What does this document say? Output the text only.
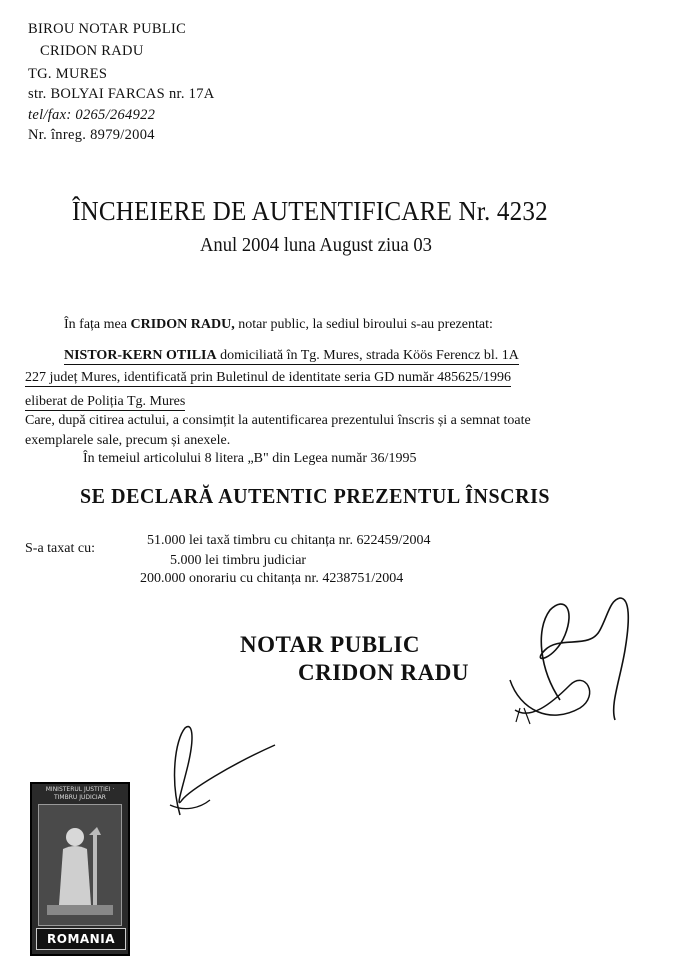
BIROU NOTAR PUBLIC
CRIDON RADU
TG. MURES
str. BOLYAI FARCAS nr. 17A
tel/fax: 0265/264922
Nr. înreg. 8979/2004
ÎNCHEIERE DE AUTENTIFICARE Nr. 4232
Anul 2004 luna August ziua 03
În fața mea CRIDON RADU, notar public, la sediul biroului s-au prezentat:
NISTOR-KERN OTILIA domiciliată în Tg. Mures, strada Köös Ferencz bl. 1A
227 județ Mures, identificată prin Buletinul de identitate seria GD număr 485625/1996
eliberat de Poliția Tg. Mures
Care, după citirea actului, a consimțit la autentificarea prezentului înscris și a semnat toate
exemplarele sale, precum și anexele.
În temeiul articolului 8 litera „B" din Legea număr 36/1995
SE DECLARĂ AUTENTIC PREZENTUL ÎNSCRIS
S-a taxat cu:
51.000 lei taxă timbru cu chitanța nr. 622459/2004
5.000 lei timbru judiciar
200.000 onorariu cu chitanța nr. 4238751/2004
NOTAR PUBLIC
CRIDON RADU
MINISTERUL JUSTIȚIEI · TIMBRU JUDICIAR
ROMANIA
